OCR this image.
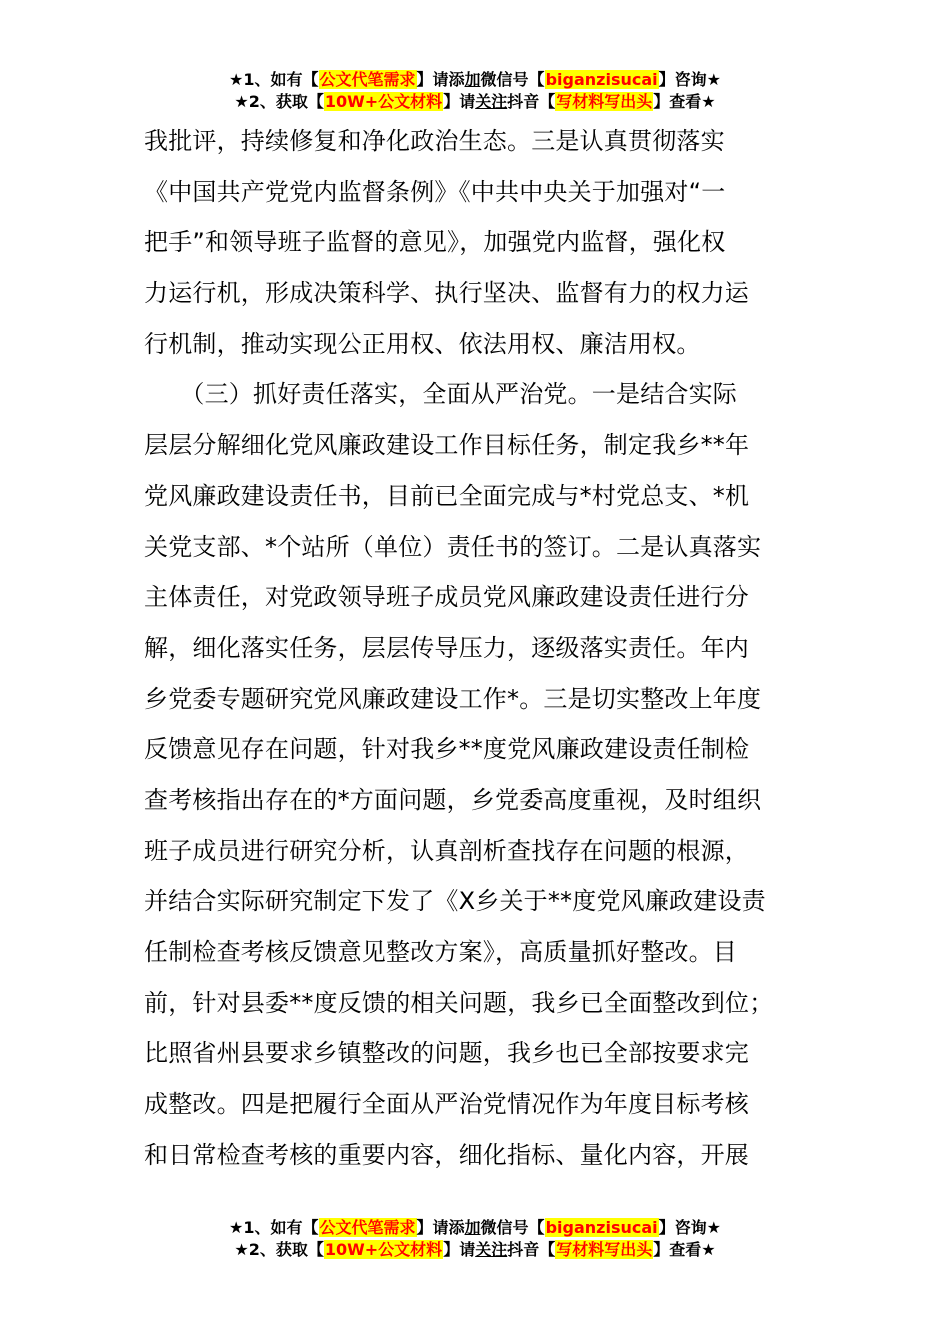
★1、如有【公文代笔需求】请添加微信号【biganzisucai】咨询★
★2、获取【10W+公文材料】请关注抖音【写材料写出头】查看★
我批评，持续修复和净化政治生态。三是认真贯彻落实
《中国共产党党内监督条例》《中共中央关于加强对“一
把手”和领导班子监督的意见》，加强党内监督，强化权
力运行机，形成决策科学、执行坚决、监督有力的权力运
行机制，推动实现公正用权、依法用权、廉洁用权。
　　（三）抓好责任落实，全面从严治党。一是结合实际
层层分解细化党风廉政建设工作目标任务，制定我乡**年
党风廉政建设责任书，目前已全面完成与*村党总支、*机
关党支部、*个站所（单位）责任书的签订。二是认真落实
主体责任，对党政领导班子成员党风廉政建设责任进行分
解，细化落实任务，层层传导压力，逐级落实责任。年内
乡党委专题研究党风廉政建设工作*。三是切实整改上年度
反馈意见存在问题，针对我乡**度党风廉政建设责任制检
查考核指出存在的*方面问题，乡党委高度重视，及时组织
班子成员进行研究分析，认真剖析查找存在问题的根源，
并结合实际研究制定下发了《X乡关于**度党风廉政建设责
任制检查考核反馈意见整改方案》，高质量抓好整改。目
前，针对县委**度反馈的相关问题，我乡已全面整改到位；
比照省州县要求乡镇整改的问题，我乡也已全部按要求完
成整改。四是把履行全面从严治党情况作为年度目标考核
和日常检查考核的重要内容，细化指标、量化内容，开展
★1、如有【公文代笔需求】请添加微信号【biganzisucai】咨询★
★2、获取【10W+公文材料】请关注抖音【写材料写出头】查看★
